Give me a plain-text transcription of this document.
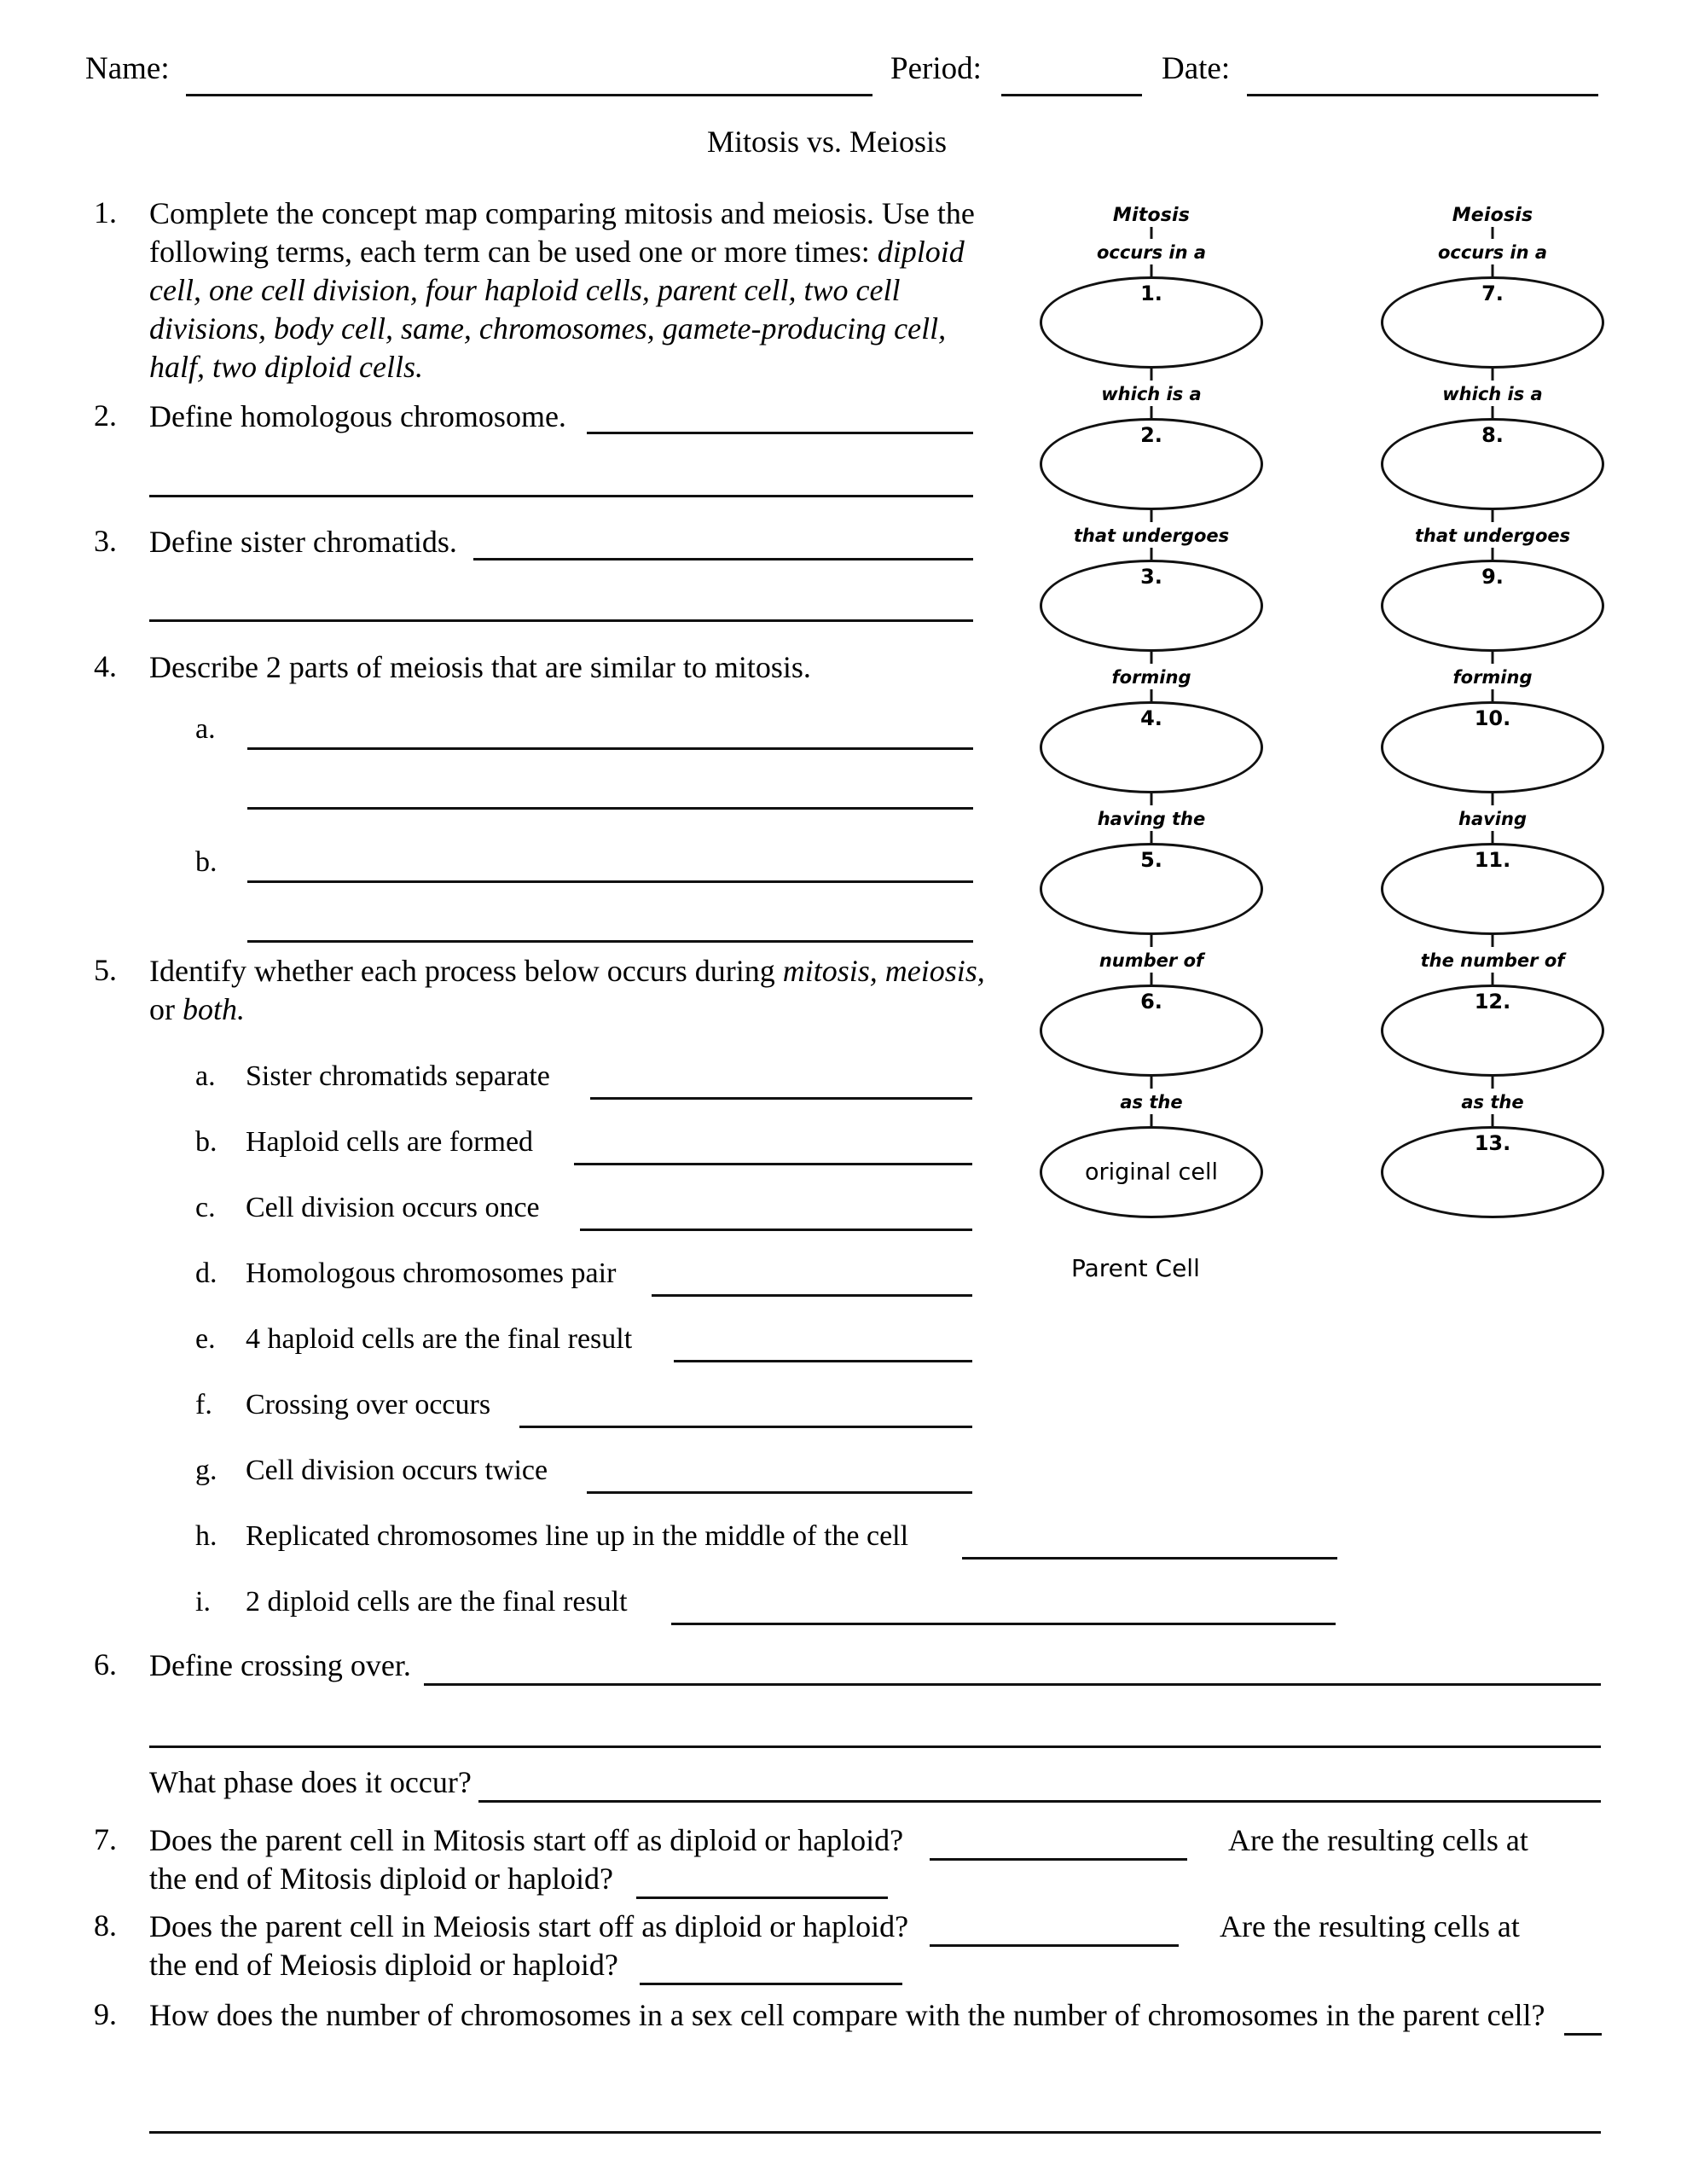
Name:	Period:	Date:
Mitosis vs. Meiosis
1. Complete the concept map comparing mitosis and meiosis. Use the
following terms, each term can be used one or more times: diploid
cell, one cell division, four haploid cells, parent cell, two cell
divisions, body cell, same, chromosomes, gamete-producing cell,
half, two diploid cells.
2. Define homologous chromosome.
3. Define sister chromatids.
4. Describe 2 parts of meiosis that are similar to mitosis.
a.
b.
5. Identify whether each process below occurs during mitosis, meiosis,
or both.
a. Sister chromatids separate
b. Haploid cells are formed
c. Cell division occurs once
d. Homologous chromosomes pair
e. 4 haploid cells are the final result
f. Crossing over occurs
g. Cell division occurs twice
h. Replicated chromosomes line up in the middle of the cell
i. 2 diploid cells are the final result
6. Define crossing over.
What phase does it occur?
7. Does the parent cell in Mitosis start off as diploid or haploid?	Are the resulting cells at
the end of Mitosis diploid or haploid?
8. Does the parent cell in Meiosis start off as diploid or haploid?	Are the resulting cells at
the end of Meiosis diploid or haploid?
9. How does the number of chromosomes in a sex cell compare with the number of chromosomes in the parent cell?
Mitosis
occurs in a
1.
which is a
2.
that undergoes
3.
forming
4.
having the
5.
number of
6.
as the
original cell
Parent Cell
Meiosis
occurs in a
7.
which is a
8.
that undergoes
9.
forming
10.
having
11.
the number of
12.
as the
13.
